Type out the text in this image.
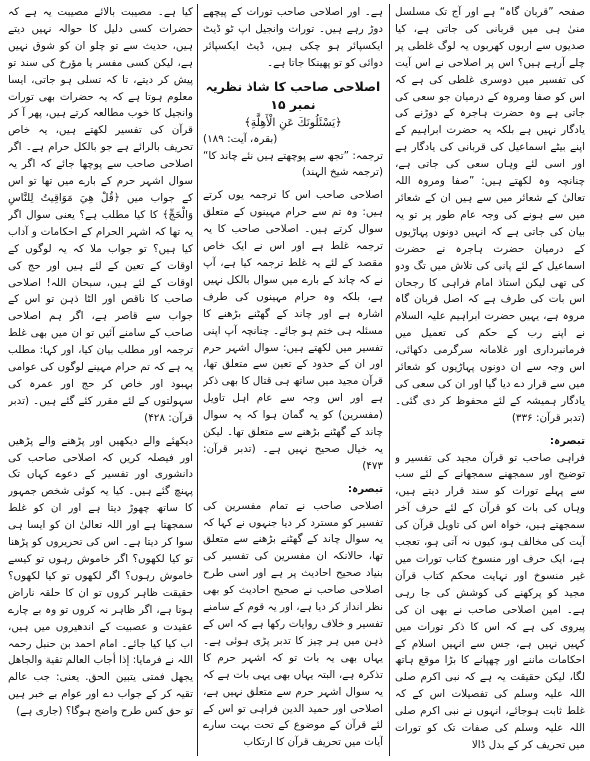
صفحہ ”قربان گاہ“ ہے اور آج تک مسلسل منیٰ ہی میں قربانی کی جاتی ہے، کیا صدیوں سے اربوں کھربوں یہ لوگ غلطی پر چلے آرہے ہیں؟ اس پر اصلاحی نے اس آیت کی تفسیر میں دوسری غلطی کی ہے کہ اس کو صفا ومروہ کے درمیان جو سعی کی جاتی ہے وہ حضرت ہاجرہ کے دوڑنے کی یادگار نہیں ہے بلکہ یہ حضرت ابراہیم کے اپنے بیٹے اسماعیل کی قربانی کی یادگار ہے اور اسی لئے وہاں سعی کی جاتی ہے، چنانچہ وہ لکھتے ہیں: ”صفا ومروہ اللہ تعالیٰ کے شعائر میں سے ہیں ان کے شعائر میں سے ہونے کی وجہ عام طور پر تو یہ بیان کی جاتی ہے کہ انہیں دونوں پہاڑیوں کے درمیان حضرت ہاجرہ نے حضرت اسماعیل کے لئے پانی کی تلاش میں تگ ودو کی تھی لیکن استاذ امام فراہی کا رجحان اس بات کی طرف ہے کہ اصل قربان گاہ مروہ ہے، یہیں حضرت ابراہیم علیہ السلام نے اپنے رب کے حکم کی تعمیل میں فرمانبرداری اور غلامانہ سرگرمی دکھائی، اس وجہ سے ان دونوں پہاڑیوں کو شعائر میں سے قرار دے دیا گیا اور ان کی سعی کی یادگار ہمیشہ کے لئے محفوظ کر دی گئی۔ (تدبر قرآن: ۳۳۶)

تبصرہ:

فراہی صاحب تو قرآن مجید کی تفسیر و توضیح اور سمجھنے سمجھانے کے لئے سب سے پہلے تورات کو سند قرار دیتے ہیں، وہاں کی بات کو قرآن کے لئے حرف آخر سمجھتے ہیں، خواہ اس کی تاویل قرآن کی آیت کی مخالف ہو، کیوں نہ آتی ہو، تعجب ہے، ایک حرف اور منسوخ کتاب تورات میں غیر منسوخ اور نہایت محکم کتاب قرآن مجید کو پرکھنے کی کوشش کی جا رہی ہے۔ امین اصلاحی صاحب نے بھی ان کی پیروی کی ہے کہ اس کا ذکر تورات میں کہیں نہیں ہے، جس سے انہیں اسلام کے احکامات ماننے اور چھپانے کا بڑا موقع ہاتھ لگا، لیکن حقیقت یہ ہے کہ نبی اکرم صلی اللہ علیہ وسلم کی تفصیلات اس کے کہ غلط ثابت ہوجائے، انہوں نے نبی اکرم صلی اللہ علیہ وسلم کی صفات تک کو تورات میں تحریف کر کے بدل ڈالا

ہے۔ اور اصلاحی صاحب تورات کے پیچھے دوڑ رہے ہیں۔ تورات وانجیل اپ ٹو ڈیٹ ایکسپائر ہو چکی ہیں، ڈیٹ ایکسپائر دوائی کو تو پھینکا جاتا ہے۔

اصلاحی صاحب کا شاذ نظریہ نمبر ۱۵

﴿يَسْئَلُونَكَ عَنِ الْأَهِلَّةِ﴾

(بقرہ، آیت: ۱۸۹)

ترجمہ: ”تجھ سے پوچھتے ہیں نئے چاند کا“ (ترجمہ شیخ الہند)

اصلاحی صاحب اس کا ترجمہ یوں کرتے ہیں: وہ تم سے حرام مہینوں کے متعلق سوال کرتے ہیں۔ اصلاحی صاحب کا یہ ترجمہ غلط ہے اور اس نے ایک خاص مقصد کے لئے یہ غلط ترجمہ کیا ہے، آپ نے کہ چاند کے بارے میں سوال بالکل نہیں ہے، بلکہ وہ حرام مہینوں کی طرف اشارہ ہے اور چاند کے گھٹنے بڑھنے کا مسئلہ ہی ختم ہو جائے۔ چنانچہ آپ اپنی تفسیر میں لکھتے ہیں: سوال اشہر حرم اور ان کے حدود کے تعین سے متعلق تھا، قرآن مجید میں ساتھ ہی قتال کا بھی ذکر ہے اور اس وجہ سے عام اہل تاویل (مفسرین) کو یہ گمان ہوا کہ یہ سوال چاند کے گھٹنے بڑھنے سے متعلق تھا۔ لیکن یہ خیال صحیح نہیں ہے۔ (تدبر قرآن: ۴۷۳)

تبصرہ:

اصلاحی صاحب نے تمام مفسرین کی تفسیر کو مسترد کر دیا جنہوں نے کہا کہ یہ سوال چاند کے گھٹنے بڑھنے سے متعلق تھا، حالانکہ ان مفسرین کی تفسیر کی بنیاد صحیح احادیث پر ہے اور اسی طرح اصلاحی صاحب نے صحیح احادیث کو بھی نظر انداز کر دیا ہے، اور یہ قوم کے سامنے تفسیر و خلاف روایات رکھا ہے کہ اس کے ذہن میں ہر چیز کا تدبر پڑی ہوئی ہے۔ یہاں بھی یہ بات تو کہ اشہر حرم کا تذکرہ ہے، البتہ یہاں بھی یہی بات ہے کہ یہ سوال اشہر حرم سے متعلق نہیں ہے، اصلاحی اور حمید الدین فراہی تو اس کے لئے قرآن کے موضوع کے تحت بہت سارے آیات میں تحریف قرآن کا ارتکاب

کیا ہے۔ مصیبت بالائے مصیبت یہ ہے کہ حضرات کسی دلیل کا حوالہ نہیں دیتے ہیں، حدیث سے تو چلو ان کو شوق نہیں ہے، لیکن کسی مفسر یا مؤرخ کی سند تو پیش کر دیتے، تا کہ تسلی ہو جاتی، ایسا معلوم ہوتا ہے کہ یہ حضرات بھی تورات وانجیل کا خوب مطالعہ کرتے ہیں، پھر آ کر قرآن کی تفسیر لکھتے ہیں، یہ خاص تحریف بالرائے ہے جو بالکل حرام ہے۔ اگر اصلاحی صاحب سے پوچھا جائے کہ اگر یہ سوال اشہر حرم کے بارے میں تھا تو اس کے جواب میں ﴿قُلْ هِيَ مَوَاقِيتُ لِلنَّاسِ وَالْحَجِّ﴾ کا کیا مطلب ہے؟ یعنی سوال اگر یہ تھا کہ اشہر الحرام کے احکامات و آداب کیا ہیں؟ تو جواب ملا کہ یہ لوگوں کے اوقات کے تعین کے لئے ہیں اور حج کی اوقات کے لئے ہیں، سبحان اللہ! اصلاحی صاحب کا ناقص اور الٹا ذہن تو اس کے جواب سے قاصر ہے، اگر ہم اصلاحی صاحب کے سامنے آئیں تو ان میں بھی غلط ترجمہ اور مطلب بیان کیا، اور کہا: مطلب یہ ہے کہ تم حرام مہینے لوگوں کی عوامی بہبود اور خاص کر حج اور عمرہ کی سہولتوں کے لئے مقرر کئے گئے ہیں۔ (تدبر قرآن: ۴۲۸)

دیکھئے والے دیکھیں اور پڑھنے والے پڑھیں اور فیصلہ کریں کہ اصلاحی صاحب کی دانشوری اور تفسیر کے دعوے کہاں تک پہنچ گئے ہیں۔ کیا یہ کوئی شخص جمہور کا ساتھ چھوڑ دیتا ہے اور ان کو غلط سمجھتا ہے اور اللہ تعالیٰ ان کو ایسا ہی سوا کر دیتا ہے۔ اس کی تحریروں کو پڑھنا تو کیا لکھوں؟ اگر خاموش رہوں تو کیسے خاموش رہوں؟ اگر لکھوں تو کیا لکھوں؟ حقیقت ظاہر کروں تو ان کا حلقہ ناراض ہوتا ہے، اگر ظاہر نہ کروں تو وہ بے چارے عقیدت و عصبیت کے اندھیروں میں ہیں، اب کیا کیا جائے۔ امام احمد بن حنبل رحمہ اللہ نے فرمایا: إذا أجاب العالم تقية والجاهل يجهل فمتى يتبين الحق. یعنی: جب عالم تقیہ کر کے جواب دے اور عوام بے خبر ہیں تو حق کس طرح واضح ہوگا؟ (جاری ہے)
